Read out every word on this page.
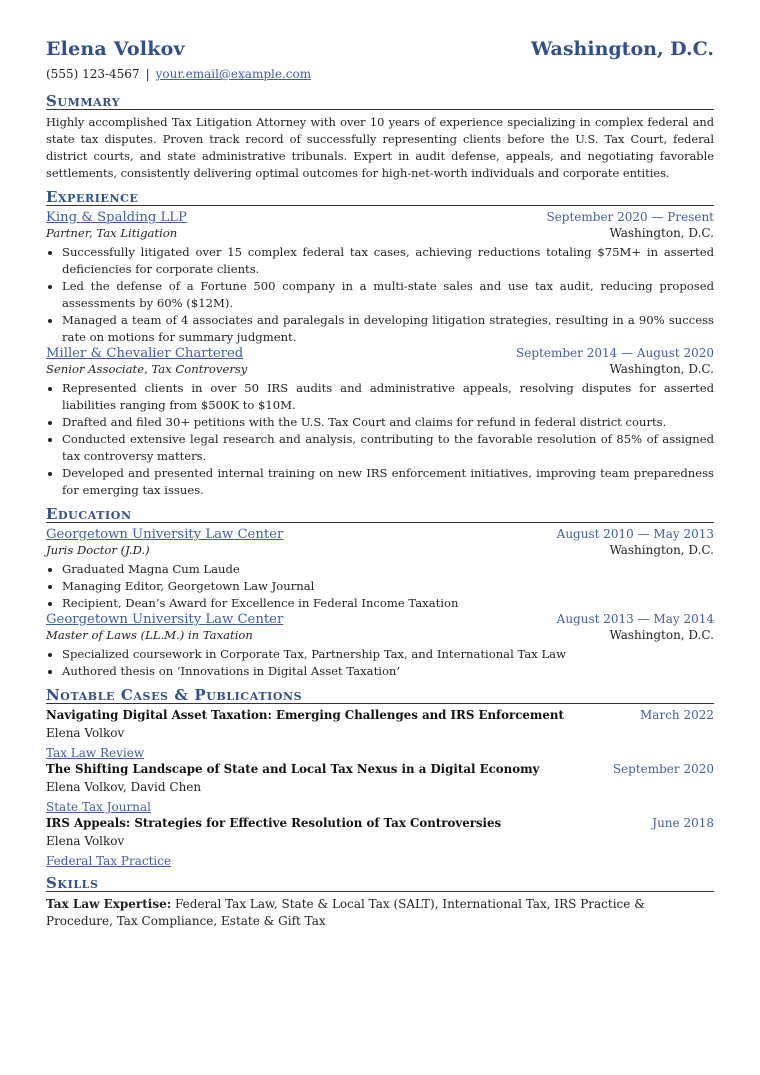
Elena Volkov	Washington, D.C.
(555) 123-4567 | your.email@example.com
Summary
Highly accomplished Tax Litigation Attorney with over 10 years of experience specializing in complex federal and state tax disputes. Proven track record of successfully representing clients before the U.S. Tax Court, federal district courts, and state administrative tribunals. Expert in audit defense, appeals, and negotiating favorable settlements, consistently delivering optimal outcomes for high-net-worth individuals and corporate entities.
Experience
King & Spalding LLP	September 2020 — Present
Partner, Tax Litigation	Washington, D.C.
• Successfully litigated over 15 complex federal tax cases, achieving reductions totaling $75M+ in asserted deficiencies for corporate clients.
• Led the defense of a Fortune 500 company in a multi-state sales and use tax audit, reducing proposed assessments by 60% ($12M).
• Managed a team of 4 associates and paralegals in developing litigation strategies, resulting in a 90% success rate on motions for summary judgment.
Miller & Chevalier Chartered	September 2014 — August 2020
Senior Associate, Tax Controversy	Washington, D.C.
• Represented clients in over 50 IRS audits and administrative appeals, resolving disputes for asserted liabilities ranging from $500K to $10M.
• Drafted and filed 30+ petitions with the U.S. Tax Court and claims for refund in federal district courts.
• Conducted extensive legal research and analysis, contributing to the favorable resolution of 85% of assigned tax controversy matters.
• Developed and presented internal training on new IRS enforcement initiatives, improving team preparedness for emerging tax issues.
Education
Georgetown University Law Center	August 2010 — May 2013
Juris Doctor (J.D.)	Washington, D.C.
• Graduated Magna Cum Laude
• Managing Editor, Georgetown Law Journal
• Recipient, Dean’s Award for Excellence in Federal Income Taxation
Georgetown University Law Center	August 2013 — May 2014
Master of Laws (LL.M.) in Taxation	Washington, D.C.
• Specialized coursework in Corporate Tax, Partnership Tax, and International Tax Law
• Authored thesis on ‘Innovations in Digital Asset Taxation’
Notable Cases & Publications
Navigating Digital Asset Taxation: Emerging Challenges and IRS Enforcement	March 2022
Elena Volkov
Tax Law Review
The Shifting Landscape of State and Local Tax Nexus in a Digital Economy	September 2020
Elena Volkov, David Chen
State Tax Journal
IRS Appeals: Strategies for Effective Resolution of Tax Controversies	June 2018
Elena Volkov
Federal Tax Practice
Skills
Tax Law Expertise: Federal Tax Law, State & Local Tax (SALT), International Tax, IRS Practice & Procedure, Tax Compliance, Estate & Gift Tax
